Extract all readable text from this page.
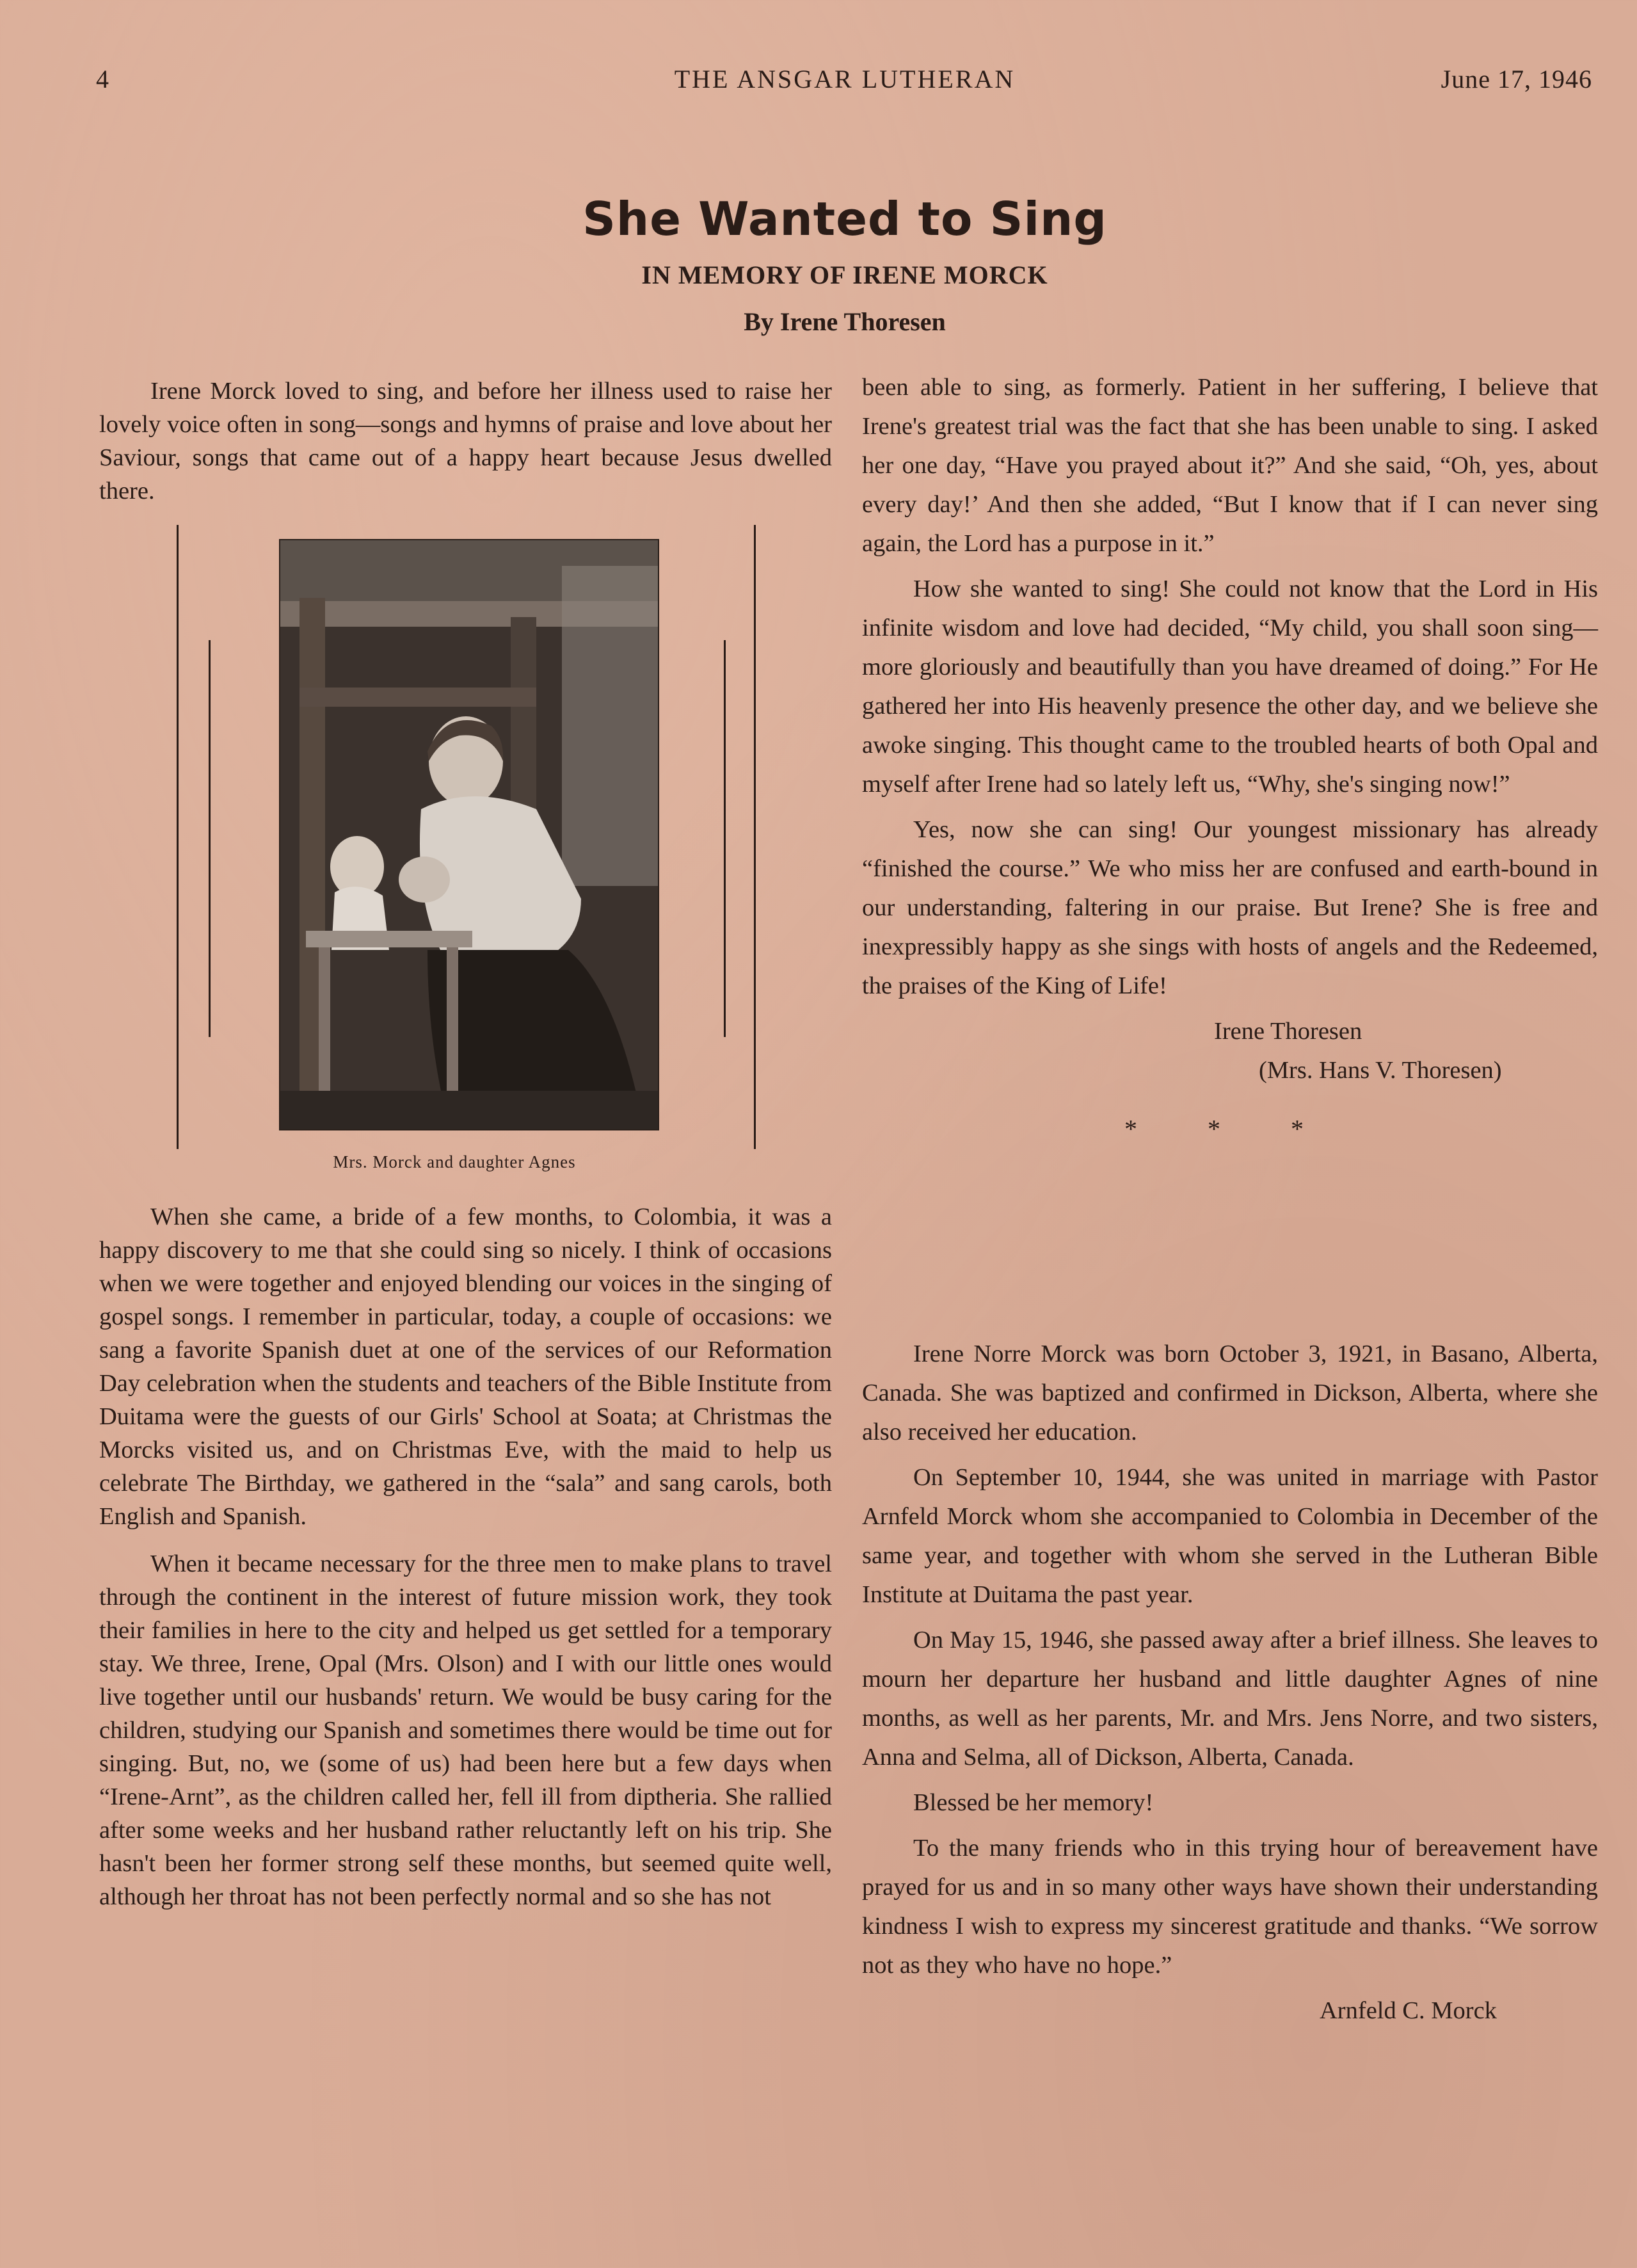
4	THE ANSGAR LUTHERAN	June 17, 1946
She Wanted to Sing
IN MEMORY OF IRENE MORCK
By Irene Thoresen

Irene Morck loved to sing, and before her illness used to raise her lovely voice often in song—songs and hymns of praise and love about her Saviour, songs that came out of a happy heart because Jesus dwelled there.

Mrs. Morck and daughter Agnes

When she came, a bride of a few months, to Colombia, it was a happy discovery to me that she could sing so nicely. I think of occasions when we were together and enjoyed blending our voices in the singing of gospel songs. I remember in particular, today, a couple of occasions: we sang a favorite Spanish duet at one of the services of our Reformation Day celebration when the students and teachers of the Bible Institute from Duitama were the guests of our Girls' School at Soata; at Christmas the Morcks visited us, and on Christmas Eve, with the maid to help us celebrate The Birthday, we gathered in the “sala” and sang carols, both English and Spanish.

When it became necessary for the three men to make plans to travel through the continent in the interest of future mission work, they took their families in here to the city and helped us get settled for a temporary stay. We three, Irene, Opal (Mrs. Olson) and I with our little ones would live together until our husbands' return. We would be busy caring for the children, studying our Spanish and sometimes there would be time out for singing. But, no, we (some of us) had been here but a few days when “Irene-Arnt”, as the children called her, fell ill from diptheria. She rallied after some weeks and her husband rather reluctantly left on his trip. She hasn't been her former strong self these months, but seemed quite well, although her throat has not been perfectly normal and so she has not

been able to sing, as formerly. Patient in her suffering, I believe that Irene's greatest trial was the fact that she has been unable to sing. I asked her one day, “Have you prayed about it?” And she said, “Oh, yes, about every day!’ And then she added, “But I know that if I can never sing again, the Lord has a purpose in it.”

How she wanted to sing! She could not know that the Lord in His infinite wisdom and love had decided, “My child, you shall soon sing—more gloriously and beautifully than you have dreamed of doing.” For He gathered her into His heavenly presence the other day, and we believe she awoke singing. This thought came to the troubled hearts of both Opal and myself after Irene had so lately left us, “Why, she's singing now!”

Yes, now she can sing! Our youngest missionary has already “finished the course.” We who miss her are confused and earth-bound in our understanding, faltering in our praise. But Irene? She is free and inexpressibly happy as she sings with hosts of angels and the Redeemed, the praises of the King of Life!

Irene Thoresen

(Mrs. Hans V. Thoresen)

* * *

Irene Norre Morck was born October 3, 1921, in Basano, Alberta, Canada. She was baptized and confirmed in Dickson, Alberta, where she also received her education.

On September 10, 1944, she was united in marriage with Pastor Arnfeld Morck whom she accompanied to Colombia in December of the same year, and together with whom she served in the Lutheran Bible Institute at Duitama the past year.

On May 15, 1946, she passed away after a brief illness. She leaves to mourn her departure her husband and little daughter Agnes of nine months, as well as her parents, Mr. and Mrs. Jens Norre, and two sisters, Anna and Selma, all of Dickson, Alberta, Canada.

Blessed be her memory!

To the many friends who in this trying hour of bereavement have prayed for us and in so many other ways have shown their understanding kindness I wish to express my sincerest gratitude and thanks. “We sorrow not as they who have no hope.”

Arnfeld C. Morck
